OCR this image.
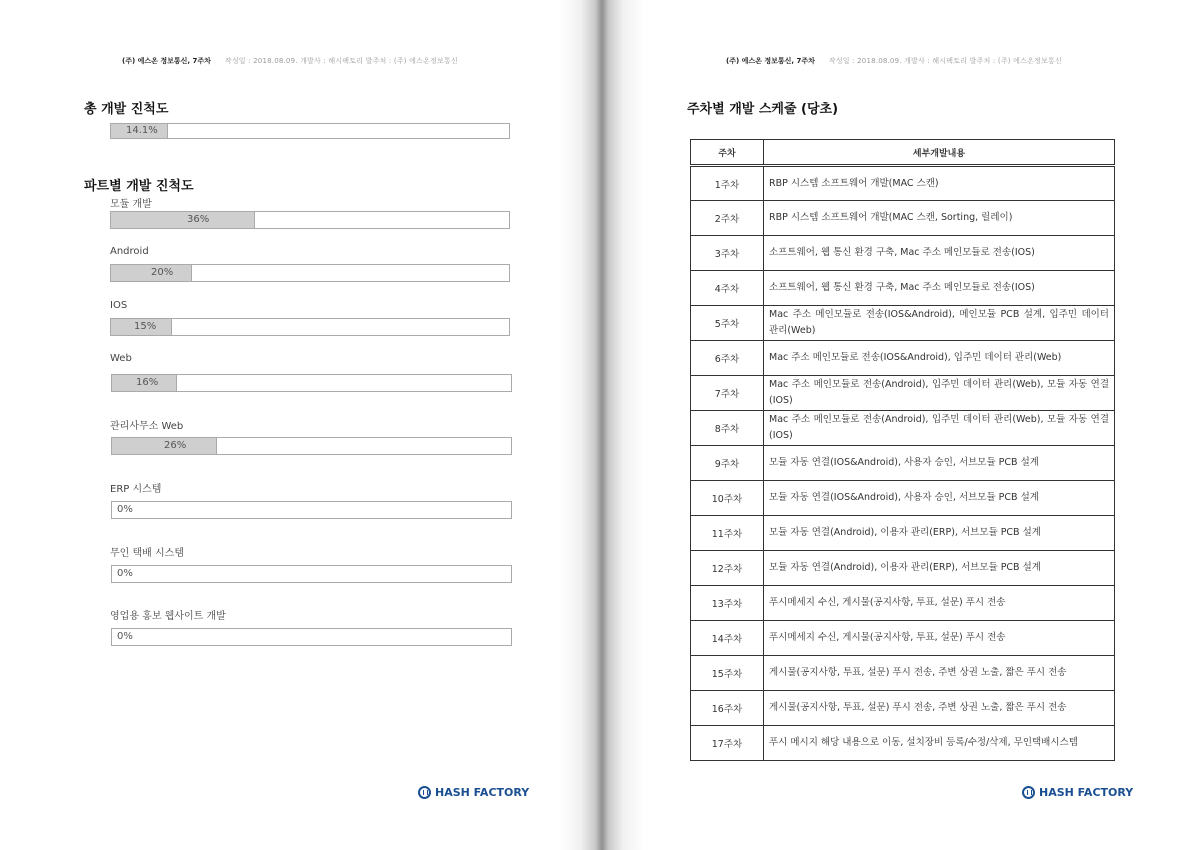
(주) 에스온 정보통신, 7주차 작성일 : 2018.08.09. 개발사 : 해시팩토리 발주처 : (주) 에스온정보통신
총 개발 진척도
14.1%
파트별 개발 진척도
모듈 개발
36%
Android
20%
IOS
15%
Web
16%
관리사무소 Web
26%
ERP 시스템
0%
무인 택배 시스템
0%
영업용 홍보 웹사이트 개발
0%
HASH FACTORY
(주) 에스온 정보통신, 7주차 작성일 : 2018.08.09. 개발사 : 해시팩토리 발주처 : (주) 에스온정보통신
주차별 개발 스케줄 (당초)
HASH FACTORY
주차	세부개발내용
1주차	RBP 시스템 소프트웨어 개발(MAC 스캔)
2주차	RBP 시스템 소프트웨어 개발(MAC 스캔, Sorting, 릴레이)
3주차	소프트웨어, 웹 통신 환경 구축, Mac 주소 메인모듈로 전송(IOS)
4주차	소프트웨어, 웹 통신 환경 구축, Mac 주소 메인모듈로 전송(IOS)
5주차	Mac 주소 메인모듈로 전송(IOS&Android), 메인모듈 PCB 설계, 입주민 데이터 관리(Web)
6주차	Mac 주소 메인모듈로 전송(IOS&Android), 입주민 데이터 관리(Web)
7주차	Mac 주소 메인모듈로 전송(Android), 입주민 데이터 관리(Web), 모듈 자동 연결(IOS)
8주차	Mac 주소 메인모듈로 전송(Android), 입주민 데이터 관리(Web), 모듈 자동 연결(IOS)
9주차	모듈 자동 연결(IOS&Android), 사용자 승인, 서브모듈 PCB 설계
10주차	모듈 자동 연결(IOS&Android), 사용자 승인, 서브모듈 PCB 설계
11주차	모듈 자동 연결(Android), 이용자 관리(ERP), 서브모듈 PCB 설계
12주차	모듈 자동 연결(Android), 이용자 관리(ERP), 서브모듈 PCB 설계
13주차	푸시메세지 수신, 게시물(공지사항, 투표, 설문) 푸시 전송
14주차	푸시메세지 수신, 게시물(공지사항, 투표, 설문) 푸시 전송
15주차	게시물(공지사항, 투표, 설문) 푸시 전송, 주변 상권 노출, 짧은 푸시 전송
16주차	게시물(공지사항, 투표, 설문) 푸시 전송, 주변 상권 노출, 짧은 푸시 전송
17주차	푸시 메시지 해당 내용으로 이동, 설치장비 등록/수정/삭제, 무인택배시스템
